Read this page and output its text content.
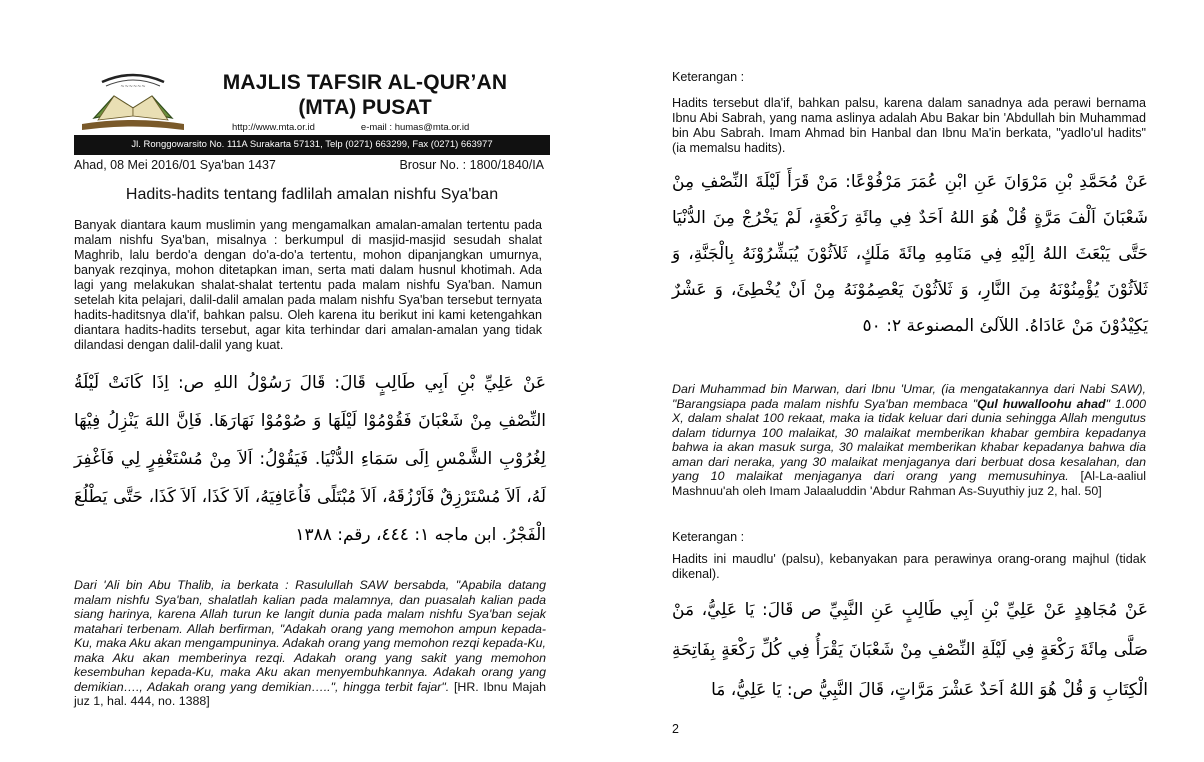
~~~~~~	MAJLIS TAFSIR AL-QUR’AN
(MTA) PUSAT
http://www.mta.or.id	e-mail : humas@mta.or.id
Jl. Ronggowarsito No. 111A Surakarta 57131, Telp (0271) 663299, Fax (0271) 663977
Ahad, 08 Mei 2016/01 Sya'ban 1437	Brosur No. : 1800/1840/IA
Hadits-hadits tentang fadlilah amalan nishfu Sya'ban

Banyak diantara kaum muslimin yang mengamalkan amalan-amalan tertentu pada malam nishfu Sya'ban, misalnya : berkumpul di masjid-masjid sesudah shalat Maghrib, lalu berdo'a dengan do'a-do'a tertentu, mohon dipanjangkan umurnya, banyak rezqinya, mohon ditetapkan iman, serta mati dalam husnul khotimah. Ada lagi yang melakukan shalat-shalat tertentu pada malam nishfu Sya'ban. Namun setelah kita pelajari, dalil-dalil amalan pada malam nishfu Sya'ban tersebut ternyata hadits-haditsnya dla'if, bahkan palsu. Oleh karena itu berikut ini kami ketengahkan diantara hadits-hadits tersebut, agar kita terhindar dari amalan-amalan yang tidak dilandasi dengan dalil-dalil yang kuat.

عَنْ عَلِيِّ بْنِ اَبِي طَالِبٍ قَالَ: قَالَ رَسُوْلُ اللهِ ص: اِذَا كَانَتْ لَيْلَةُ النِّصْفِ مِنْ شَعْبَانَ فَقُوْمُوْا لَيْلَهَا وَ صُوْمُوْا نَهَارَهَا. فَاِنَّ اللهَ يَنْزِلُ فِيْهَا لِغُرُوْبِ الشَّمْسِ اِلَى سَمَاءِ الدُّنْيَا. فَيَقُوْلُ: اَلاَ مِنْ مُسْتَغْفِرٍ لِي فَاَغْفِرَ لَهُ، اَلاَ مُسْتَرْزِقٌ فَاَرْزُقَهُ، اَلاَ مُبْتَلًى فَاُعَافِيَهُ، اَلاَ كَذَا، اَلاَ كَذَا، حَتَّى يَطْلُعَ الْفَجْرُ. ابن ماجه ١: ٤٤٤، رقم: ١٣٨٨

Dari 'Ali bin Abu Thalib, ia berkata : Rasulullah SAW bersabda, "Apabila datang malam nishfu Sya'ban, shalatlah kalian pada malamnya, dan puasalah kalian pada siang harinya, karena Allah turun ke langit dunia pada malam nishfu Sya'ban sejak matahari terbenam. Allah berfirman, "Adakah orang yang memohon ampun kepada-Ku, maka Aku akan mengampuninya. Adakah orang yang memohon rezqi kepada-Ku, maka Aku akan memberinya rezqi. Adakah orang yang sakit yang memohon kesembuhan kepada-Ku, maka Aku akan menyembuhkannya. Adakah orang yang demikian…., Adakah orang yang demikian…..", hingga terbit fajar". [HR. Ibnu Majah juz 1, hal. 444, no. 1388]

Keterangan :

Hadits tersebut dla'if, bahkan palsu, karena dalam sanadnya ada perawi bernama Ibnu Abi Sabrah, yang nama aslinya adalah Abu Bakar bin 'Abdullah bin Muhammad bin Abu Sabrah. Imam Ahmad bin Hanbal dan Ibnu Ma'in berkata, "yadlo'ul hadits" (ia memalsu hadits).

عَنْ مُحَمَّدِ بْنِ مَرْوَانَ عَنِ ابْنِ عُمَرَ مَرْفُوْعًا: مَنْ قَرَأَ لَيْلَةَ النِّصْفِ مِنْ شَعْبَانَ اَلْفَ مَرَّةٍ قُلْ هُوَ اللهُ اَحَدٌ فِي مِائَةِ رَكْعَةٍ، لَمْ يَخْرُجْ مِنَ الدُّنْيَا حَتَّى يَبْعَثَ اللهُ اِلَيْهِ فِي مَنَامِهِ مِائَةَ مَلَكٍ، ثَلاَثُوْنَ يُبَشِّرُوْنَهُ بِالْجَنَّةِ، وَ ثَلاَثُوْنَ يُؤْمِنُوْنَهُ مِنَ النَّارِ، وَ ثَلاَثُوْنَ يَعْصِمُوْنَهُ مِنْ اَنْ يُخْطِئَ، وَ عَشْرٌ يَكِيْدُوْنَ مَنْ عَادَاهُ. اللآلئ المصنوعة ٢: ٥٠

Dari Muhammad bin Marwan, dari Ibnu 'Umar, (ia mengatakannya dari Nabi SAW), "Barangsiapa pada malam nishfu Sya'ban membaca "Qul huwalloohu ahad" 1.000 X, dalam shalat 100 rekaat, maka ia tidak keluar dari dunia sehingga Allah mengutus dalam tidurnya 100 malaikat, 30 malaikat memberikan khabar gembira kepadanya bahwa ia akan masuk surga, 30 malaikat memberikan khabar kepadanya bahwa dia aman dari neraka, yang 30 malaikat menjaganya dari berbuat dosa kesalahan, dan yang 10 malaikat menjaganya dari orang yang memusuhinya. [Al-La-aaliul Mashnuu'ah oleh Imam Jalaaluddin 'Abdur Rahman As-Suyuthiy juz 2, hal. 50]

Keterangan :

Hadits ini maudlu' (palsu), kebanyakan para perawinya orang-orang majhul (tidak dikenal).

عَنْ مُجَاهِدٍ عَنْ عَلِيِّ بْنِ اَبِي طَالِبٍ عَنِ النَّبِيِّ ص قَالَ: يَا عَلِيُّ، مَنْ صَلَّى مِائَةَ رَكْعَةٍ فِي لَيْلَةِ النِّصْفِ مِنْ شَعْبَانَ يَقْرَأُ فِي كُلِّ رَكْعَةٍ بِفَاتِحَةِ الْكِتَابِ وَ قُلْ هُوَ اللهُ اَحَدٌ عَشْرَ مَرَّاتٍ، قَالَ النَّبِيُّ ص: يَا عَلِيُّ، مَا

2
